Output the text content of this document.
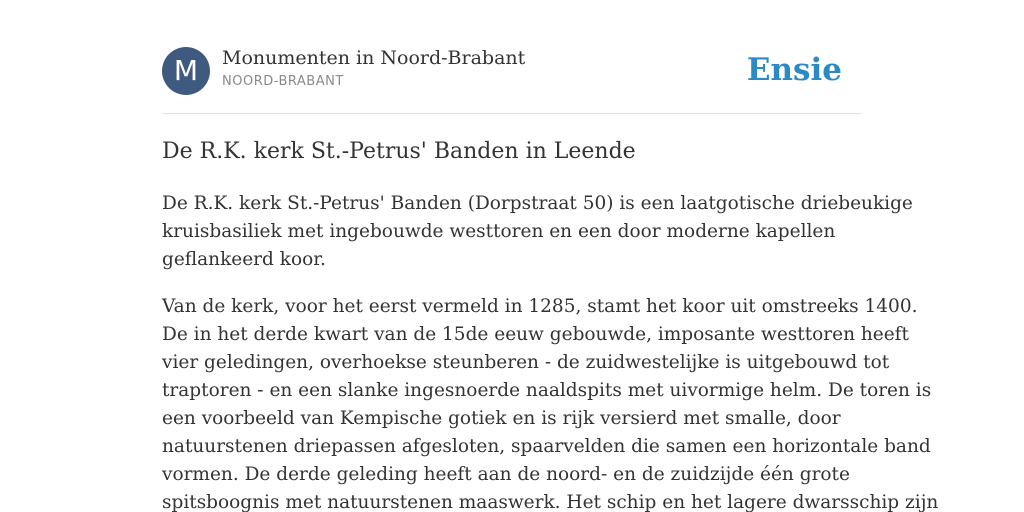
M	Monumenten in Noord-Brabant
NOORD-BRABANT	Ensie
De R.K. kerk St.-Petrus' Banden in Leende

De R.K. kerk St.-Petrus' Banden (Dorpstraat 50) is een laatgotische driebeukige
kruisbasiliek met ingebouwde westtoren en een door moderne kapellen
geflankeerd koor.

Van de kerk, voor het eerst vermeld in 1285, stamt het koor uit omstreeks 1400.
De in het derde kwart van de 15de eeuw gebouwde, imposante westtoren heeft
vier geledingen, overhoekse steunberen - de zuidwestelijke is uitgebouwd tot
traptoren - en een slanke ingesnoerde naaldspits met uivormige helm. De toren is
een voorbeeld van Kempische gotiek en is rijk versierd met smalle, door
natuurstenen driepassen afgesloten, spaarvelden die samen een horizontale band
vormen. De derde geleding heeft aan de noord- en de zuidzijde één grote
spitsboognis met natuurstenen maaswerk. Het schip en het lagere dwarsschip zijn
